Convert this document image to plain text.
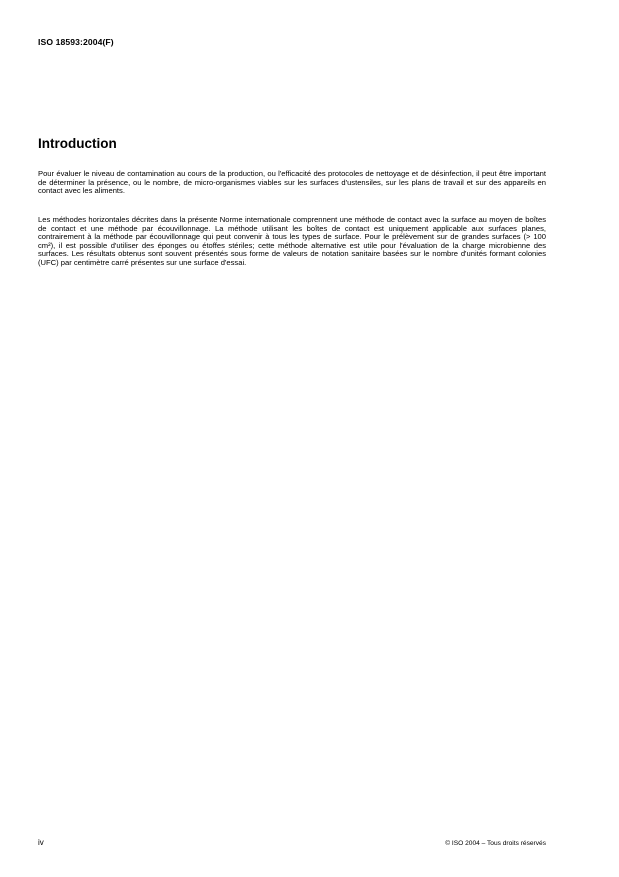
ISO 18593:2004(F)
Introduction

Pour évaluer le niveau de contamination au cours de la production, ou l'efficacité des protocoles de nettoyage et de désinfection, il peut être important de déterminer la présence, ou le nombre, de micro-organismes viables sur les surfaces d'ustensiles, sur les plans de travail et sur des appareils en contact avec les aliments.

Les méthodes horizontales décrites dans la présente Norme internationale comprennent une méthode de contact avec la surface au moyen de boîtes de contact et une méthode par écouvillonnage. La méthode utilisant les boîtes de contact est uniquement applicable aux surfaces planes, contrairement à la méthode par écouvillonnage qui peut convenir à tous les types de surface. Pour le prélèvement sur de grandes surfaces (> 100 cm²), il est possible d'utiliser des éponges ou étoffes stériles; cette méthode alternative est utile pour l'évaluation de la charge microbienne des surfaces. Les résultats obtenus sont souvent présentés sous forme de valeurs de notation sanitaire basées sur le nombre d'unités formant colonies (UFC) par centimètre carré présentes sur une surface d'essai.

iv	© ISO 2004 – Tous droits réservés
